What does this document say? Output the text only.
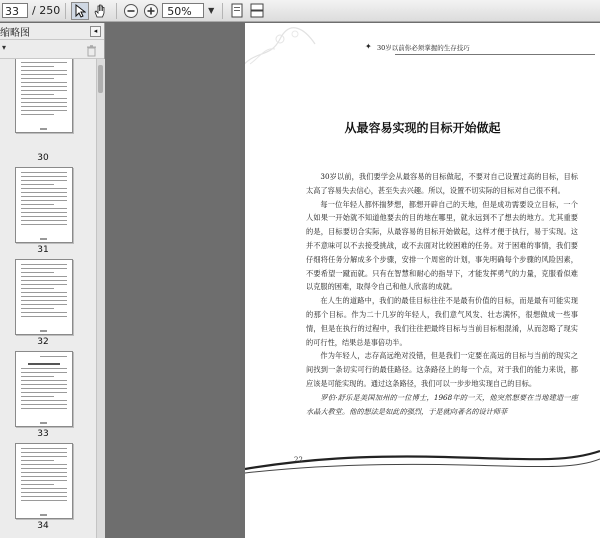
33	/ 250	50%	▼
缩略图	◂
▾
30
31
32
33
34
✦ 30岁以前你必须掌握的生存技巧
从最容易实现的目标开始做起

30岁以前，我们要学会从最容易的目标做起，不要对自己设置过高的目标，目标太高了容易失去信心，甚至失去兴趣。所以，设置不切实际的目标对自己很不利。

每一位年轻人都怀揣梦想，都想开辟自己的天地，但是成功需要设立目标，一个人如果一开始就不知道他要去的目的地在哪里，就永远到不了想去的地方。尤其重要的是，目标要切合实际，从最容易的目标开始做起，这样才便于执行，易于实现。这并不意味可以不去接受挑战，或不去面对比较困难的任务。对于困难的事情，我们要仔细将任务分解成多个步骤，安排一个周密的计划，事先明确每个步骤的风险因素，不要希望一蹴而就。只有在智慧和耐心的指导下，才能发挥勇气的力量，克服看似难以克服的困难，取得令自己和他人欣喜的成就。

在人生的道路中，我们的最佳目标往往不是最有价值的目标，而是最有可能实现的那个目标。作为二十几岁的年轻人，我们意气风发、壮志满怀，很想做成一些事情，但是在执行的过程中，我们往往把最终目标与当前目标相混淆，从而忽略了现实的可行性，结果总是事倍功半。

作为年轻人，志存高远绝对没错，但是我们一定要在高远的目标与当前的现实之间找到一条切实可行的最佳路径。这条路径上的每一个点，对于我们的能力来说，都应该是可能实现的。通过这条路径，我们可以一步步地实现自己的目标。

罗伯·舒乐是美国加州的一位博士，1968年的一天，他突然想要在当地建造一座水晶大教堂。他的想法是如此的强烈，于是就向著名的设计师菲

22
